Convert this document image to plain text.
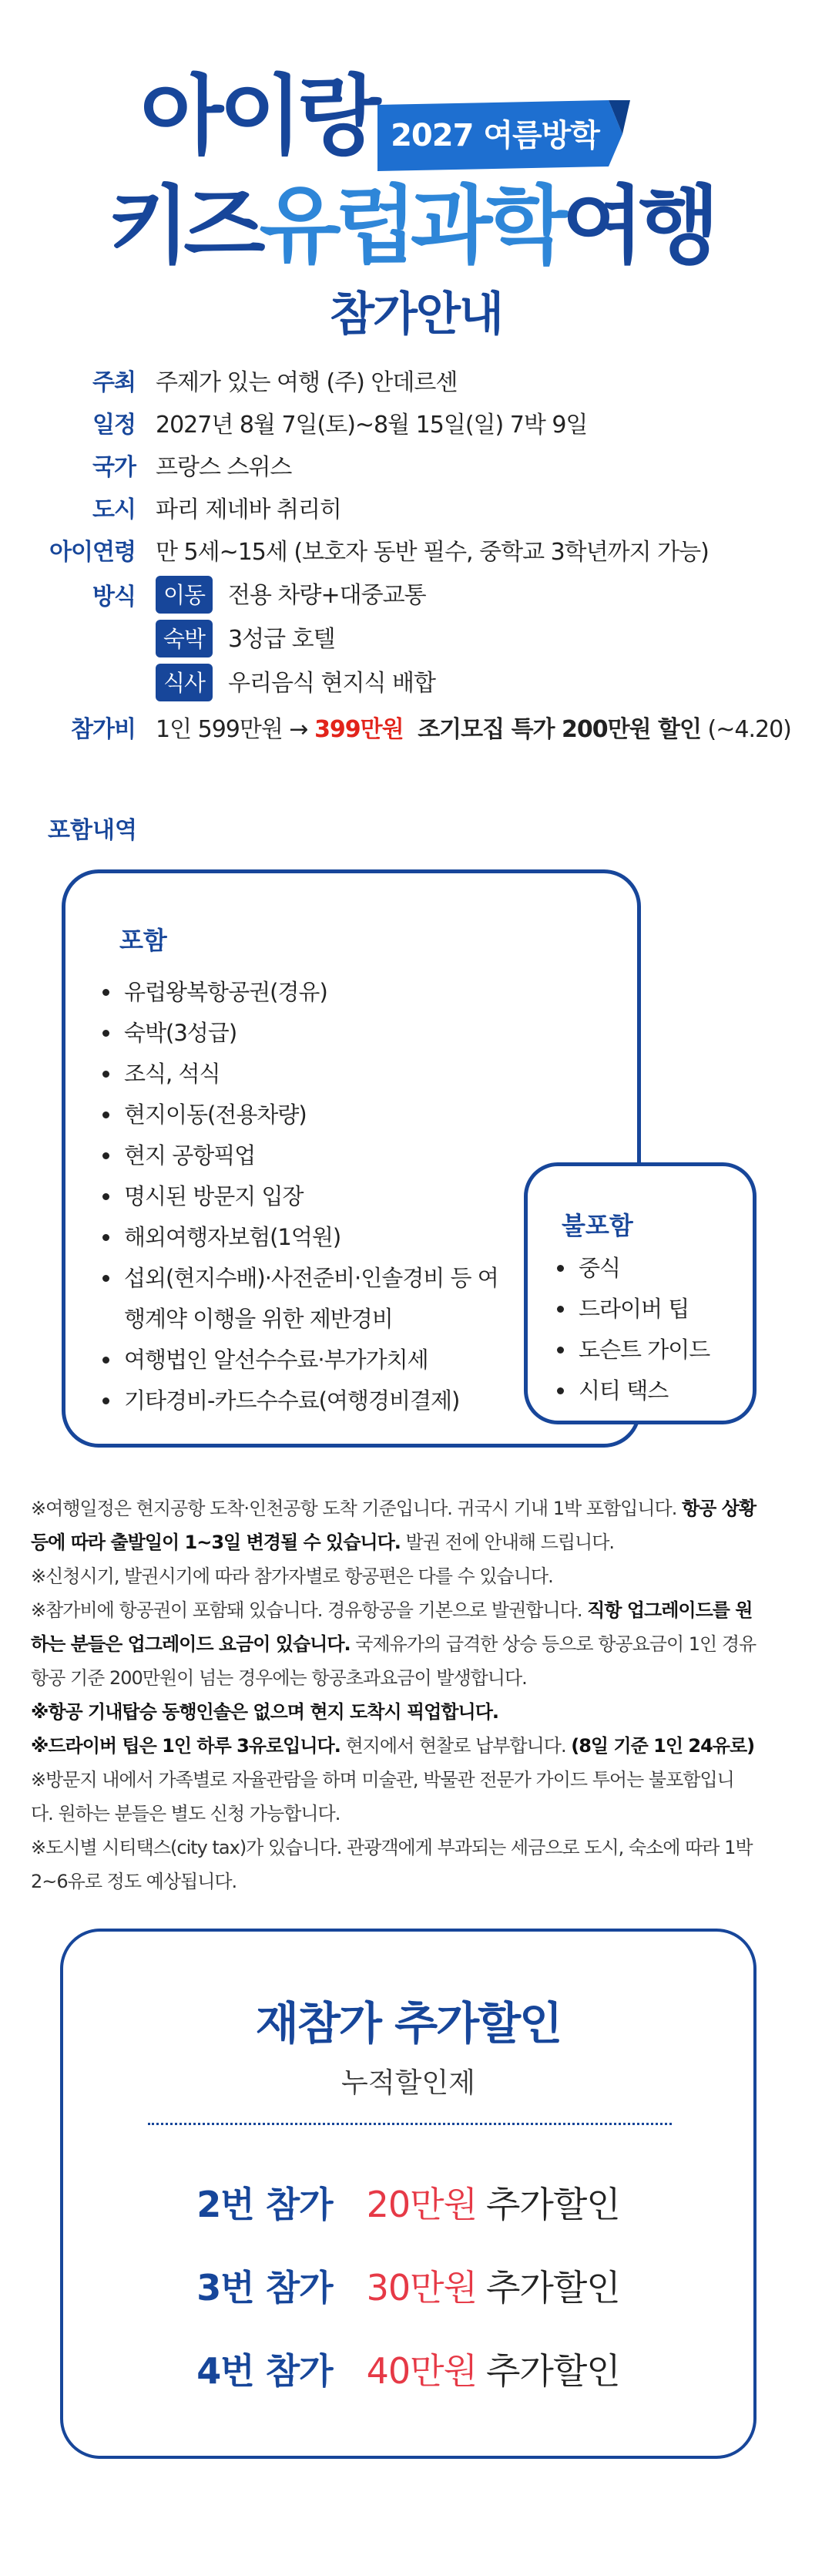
아이랑 2027 여름방학
키즈유럽과학여행
참가안내
주최 주제가 있는 여행 (주) 안데르센
일정 2027년 8월 7일(토)~8월 15일(일) 7박 9일
국가 프랑스 스위스
도시 파리 제네바 취리히
아이연령 만 5세~15세 (보호자 동반 필수, 중학교 3학년까지 가능)
방식	이동 전용 차량+대중교통
숙박 3성급 호텔
식사 우리음식 현지식 배합
참가비 1인 599만원 → 399만원 조기모집 특가 200만원 할인 (~4.20)
포함내역
포함
유럽왕복항공권(경유)
숙박(3성급)
조식, 석식
현지이동(전용차량)
현지 공항픽업
명시된 방문지 입장
해외여행자보험(1억원)
섭외(현지수배)·사전준비·인솔경비 등 여
행계약 이행을 위한 제반경비
여행법인 알선수수료·부가가치세
기타경비-카드수수료(여행경비결제)
불포함
중식
드라이버 팁
도슨트 가이드
시티 택스
※여행일정은 현지공항 도착·인천공항 도착 기준입니다. 귀국시 기내 1박 포함입니다. 항공 상황
등에 따라 출발일이 1~3일 변경될 수 있습니다. 발권 전에 안내해 드립니다.
※신청시기, 발권시기에 따라 참가자별로 항공편은 다를 수 있습니다.
※참가비에 항공권이 포함돼 있습니다. 경유항공을 기본으로 발권합니다. 직항 업그레이드를 원
하는 분들은 업그레이드 요금이 있습니다. 국제유가의 급격한 상승 등으로 항공요금이 1인 경유
항공 기준 200만원이 넘는 경우에는 항공초과요금이 발생합니다.
※항공 기내탑승 동행인솔은 없으며 현지 도착시 픽업합니다.
※드라이버 팁은 1인 하루 3유로입니다. 현지에서 현찰로 납부합니다. (8일 기준 1인 24유로)
※방문지 내에서 가족별로 자율관람을 하며 미술관, 박물관 전문가 가이드 투어는 불포함입니
다. 원하는 분들은 별도 신청 가능합니다.
※도시별 시티택스(city tax)가 있습니다. 관광객에게 부과되는 세금으로 도시, 숙소에 따라 1박
2~6유로 정도 예상됩니다.
재참가 추가할인
누적할인제
2번 참가 20만원 추가할인
3번 참가 30만원 추가할인
4번 참가 40만원 추가할인
